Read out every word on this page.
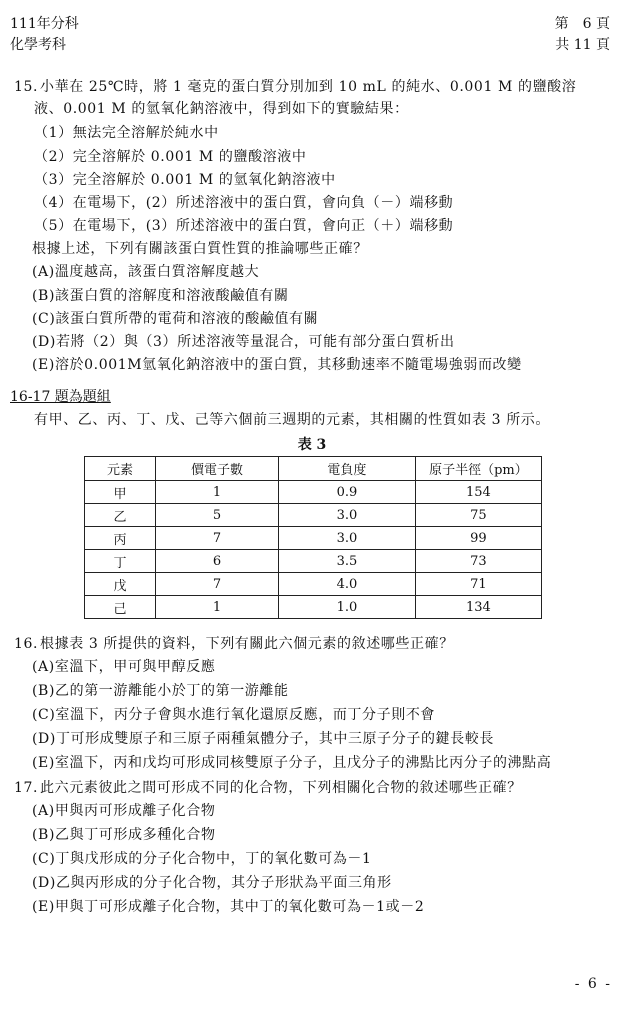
111年分科
化學考科
第　6 頁
共 11 頁
15. 小華在 25℃時，將 1 毫克的蛋白質分別加到 10 mL 的純水、0.001 M 的鹽酸溶
液、0.001 M 的氫氧化鈉溶液中，得到如下的實驗結果：
（1）無法完全溶解於純水中
（2）完全溶解於 0.001 M 的鹽酸溶液中
（3）完全溶解於 0.001 M 的氫氧化鈉溶液中
（4）在電場下，(2）所述溶液中的蛋白質，會向負（－）端移動
（5）在電場下，(3）所述溶液中的蛋白質，會向正（＋）端移動
根據上述，下列有關該蛋白質性質的推論哪些正確？
(A)溫度越高，該蛋白質溶解度越大
(B)該蛋白質的溶解度和溶液酸鹼值有關
(C)該蛋白質所帶的電荷和溶液的酸鹼值有關
(D)若將（2）與（3）所述溶液等量混合，可能有部分蛋白質析出
(E)溶於0.001M氫氧化鈉溶液中的蛋白質，其移動速率不隨電場強弱而改變
16-17 題為題組
有甲、乙、丙、丁、戊、己等六個前三週期的元素，其相關的性質如表 3 所示。
表 3
元素	價電子數	電負度	原子半徑（pm）
甲	1	0.9	154
乙	5	3.0	75
丙	7	3.0	99
丁	6	3.5	73
戊	7	4.0	71
己	1	1.0	134
16. 根據表 3 所提供的資料，下列有關此六個元素的敘述哪些正確？
(A)室溫下，甲可與甲醇反應
(B)乙的第一游離能小於丁的第一游離能
(C)室溫下，丙分子會與水進行氧化還原反應，而丁分子則不會
(D)丁可形成雙原子和三原子兩種氣體分子，其中三原子分子的鍵長較長
(E)室溫下，丙和戊均可形成同核雙原子分子，且戊分子的沸點比丙分子的沸點高
17. 此六元素彼此之間可形成不同的化合物，下列相關化合物的敘述哪些正確？
(A)甲與丙可形成離子化合物
(B)乙與丁可形成多種化合物
(C)丁與戊形成的分子化合物中，丁的氧化數可為－1
(D)乙與丙形成的分子化合物，其分子形狀為平面三角形
(E)甲與丁可形成離子化合物，其中丁的氧化數可為－1或－2
- 6 -
